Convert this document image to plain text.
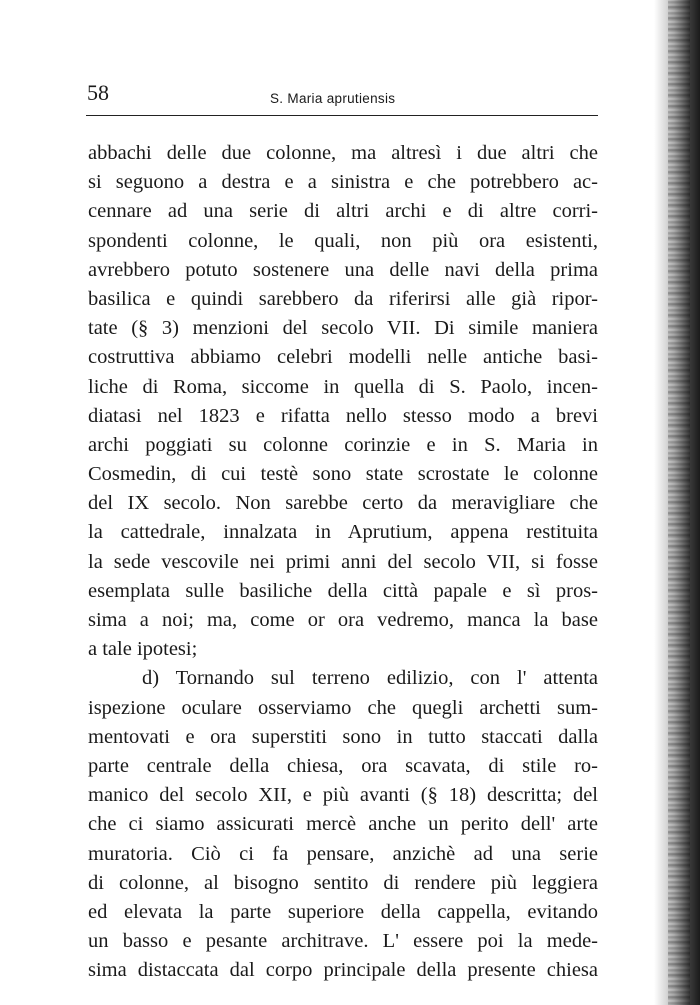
58	S. Maria aprutiensis
abbachi delle due colonne, ma altresì i due altri che
si seguono a destra e a sinistra e che potrebbero ac-
cennare ad una serie di altri archi e di altre corri-
spondenti colonne, le quali, non più ora esistenti,
avrebbero potuto sostenere una delle navi della prima
basilica e quindi sarebbero da riferirsi alle già ripor-
tate (§ 3) menzioni del secolo VII. Di simile maniera
costruttiva abbiamo celebri modelli nelle antiche basi-
liche di Roma, siccome in quella di S. Paolo, incen-
diatasi nel 1823 e rifatta nello stesso modo a brevi
archi poggiati su colonne corinzie e in S. Maria in
Cosmedin, di cui testè sono state scrostate le colonne
del IX secolo. Non sarebbe certo da meravigliare che
la cattedrale, innalzata in Aprutium, appena restituita
la sede vescovile nei primi anni del secolo VII, si fosse
esemplata sulle basiliche della città papale e sì pros-
sima a noi; ma, come or ora vedremo, manca la base
a tale ipotesi;
d) Tornando sul terreno edilizio, con l' attenta
ispezione oculare osserviamo che quegli archetti sum-
mentovati e ora superstiti sono in tutto staccati dalla
parte centrale della chiesa, ora scavata, di stile ro-
manico del secolo XII, e più avanti (§ 18) descritta; del
che ci siamo assicurati mercè anche un perito dell' arte
muratoria. Ciò ci fa pensare, anzichè ad una serie
di colonne, al bisogno sentito di rendere più leggiera
ed elevata la parte superiore della cappella, evitando
un basso e pesante architrave. L' essere poi la mede-
sima distaccata dal corpo principale della presente chiesa
